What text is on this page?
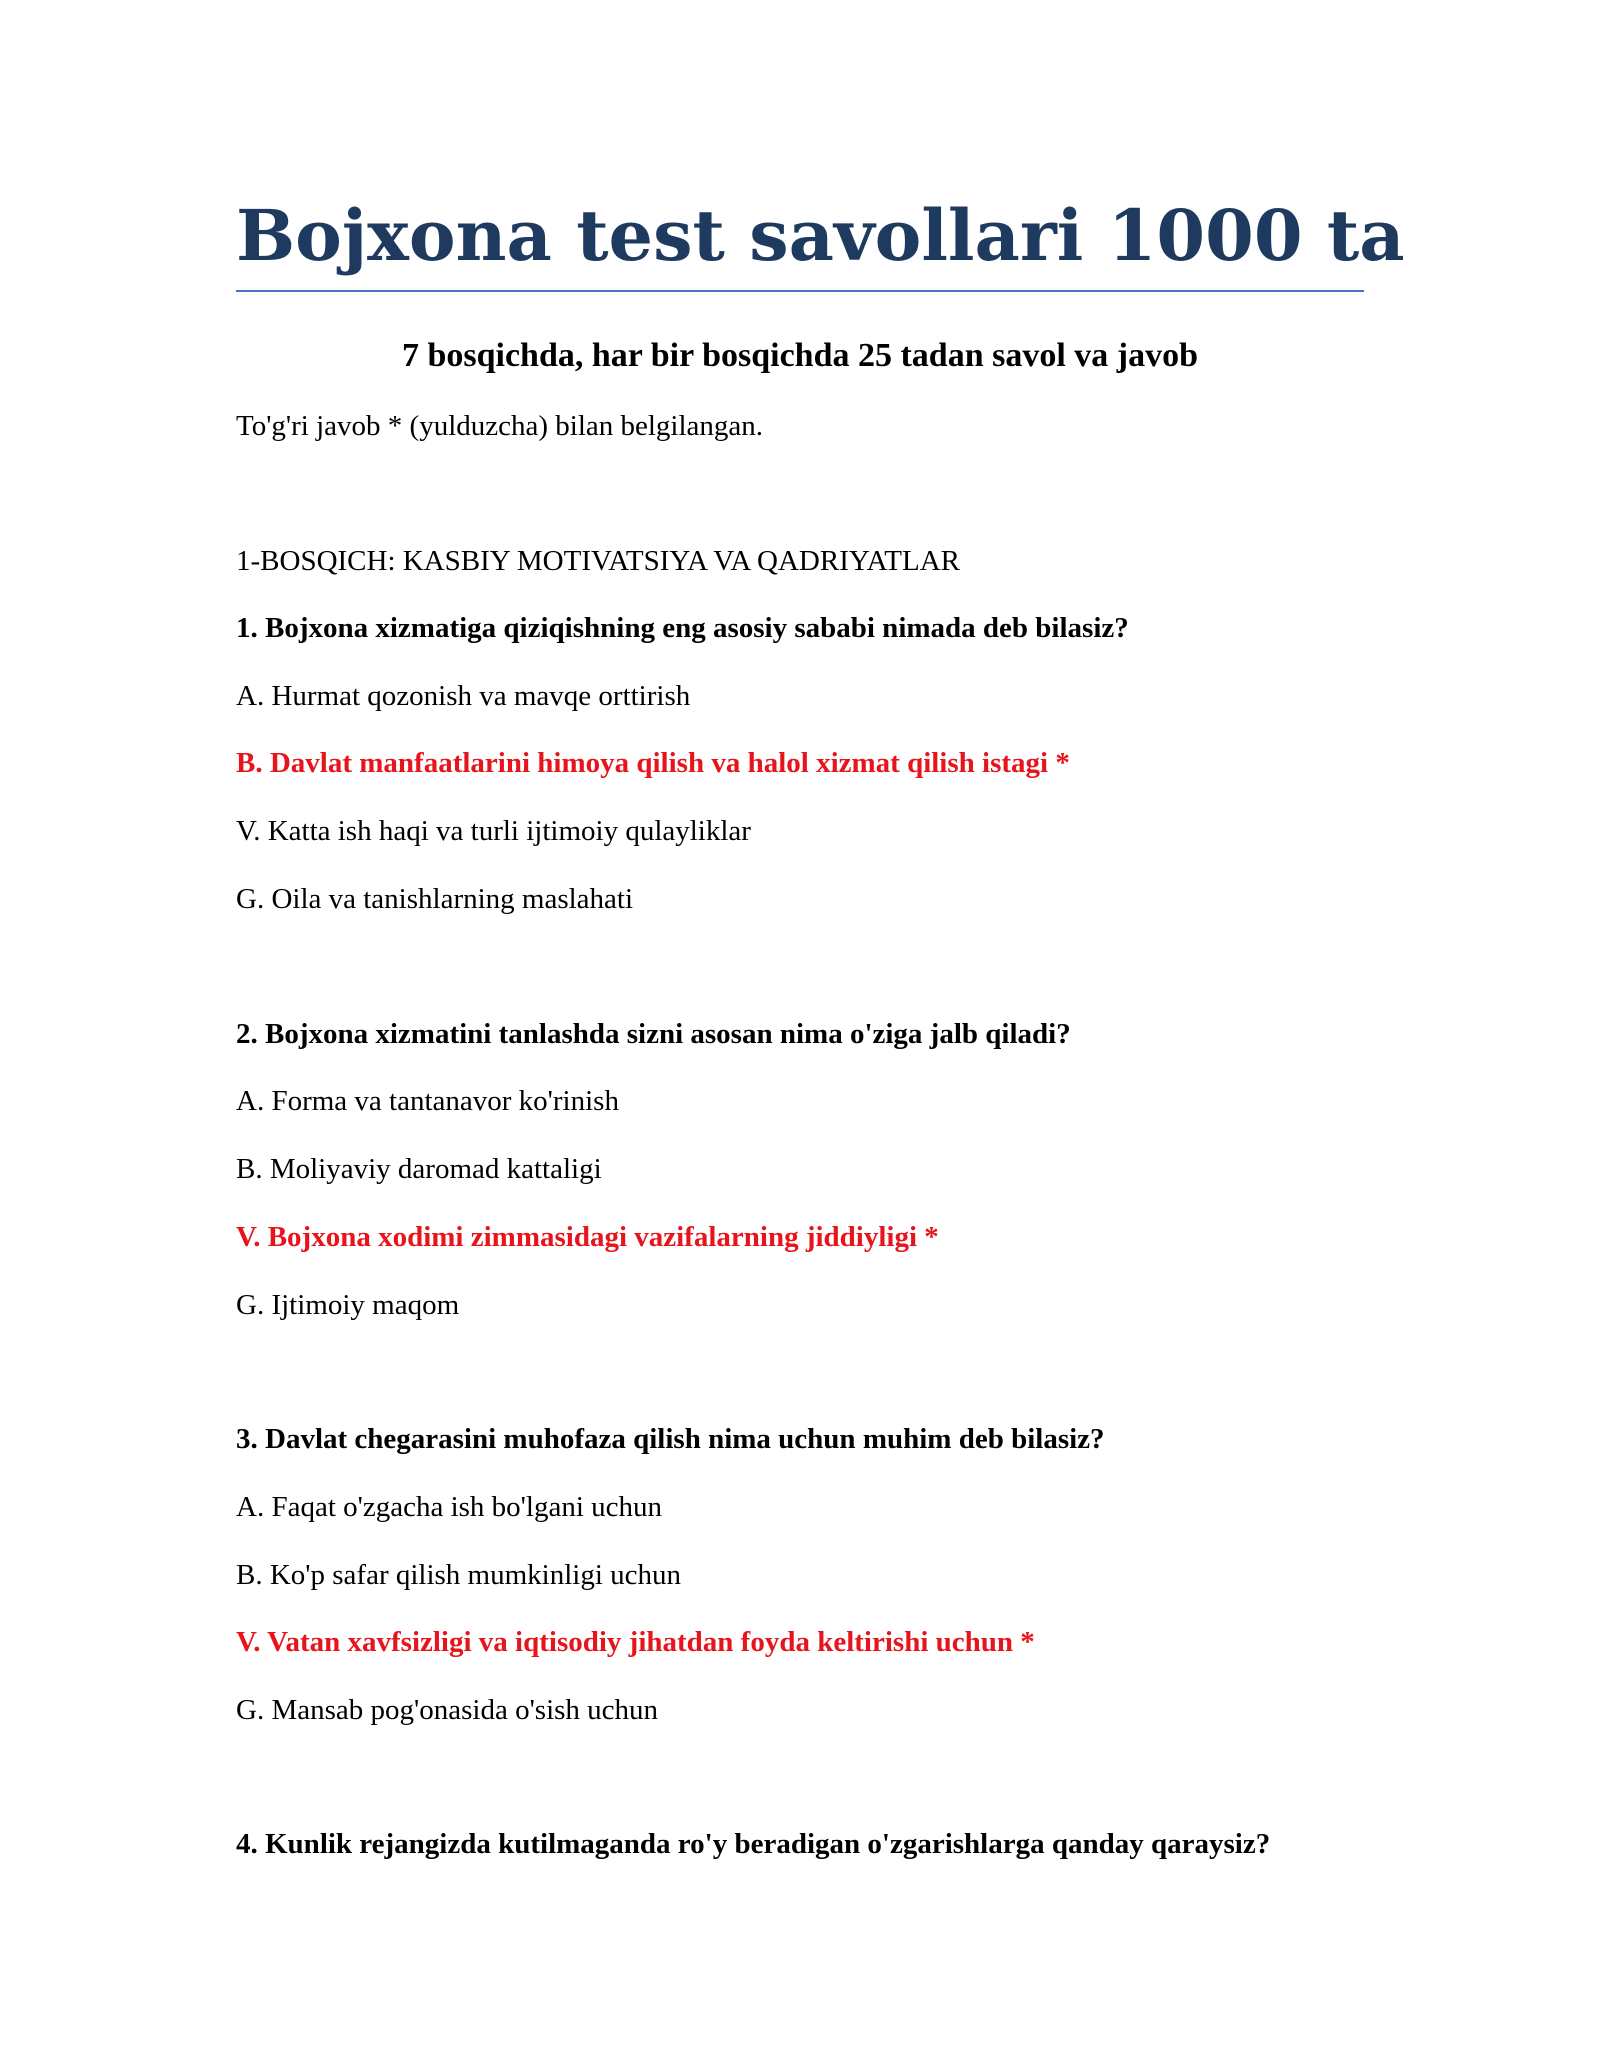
Bojxona test savollari 1000 ta
7 bosqichda, har bir bosqichda 25 tadan savol va javob

To'g'ri javob * (yulduzcha) bilan belgilangan.

1-BOSQICH: KASBIY MOTIVATSIYA VA QADRIYATLAR

1. Bojxona xizmatiga qiziqishning eng asosiy sababi nimada deb bilasiz?

A. Hurmat qozonish va mavqe orttirish

B. Davlat manfaatlarini himoya qilish va halol xizmat qilish istagi *

V. Katta ish haqi va turli ijtimoiy qulayliklar

G. Oila va tanishlarning maslahati

2. Bojxona xizmatini tanlashda sizni asosan nima o'ziga jalb qiladi?

A. Forma va tantanavor ko'rinish

B. Moliyaviy daromad kattaligi

V. Bojxona xodimi zimmasidagi vazifalarning jiddiyligi *

G. Ijtimoiy maqom

3. Davlat chegarasini muhofaza qilish nima uchun muhim deb bilasiz?

A. Faqat o'zgacha ish bo'lgani uchun

B. Ko'p safar qilish mumkinligi uchun

V. Vatan xavfsizligi va iqtisodiy jihatdan foyda keltirishi uchun *

G. Mansab pog'onasida o'sish uchun

4. Kunlik rejangizda kutilmaganda ro'y beradigan o'zgarishlarga qanday qaraysiz?
